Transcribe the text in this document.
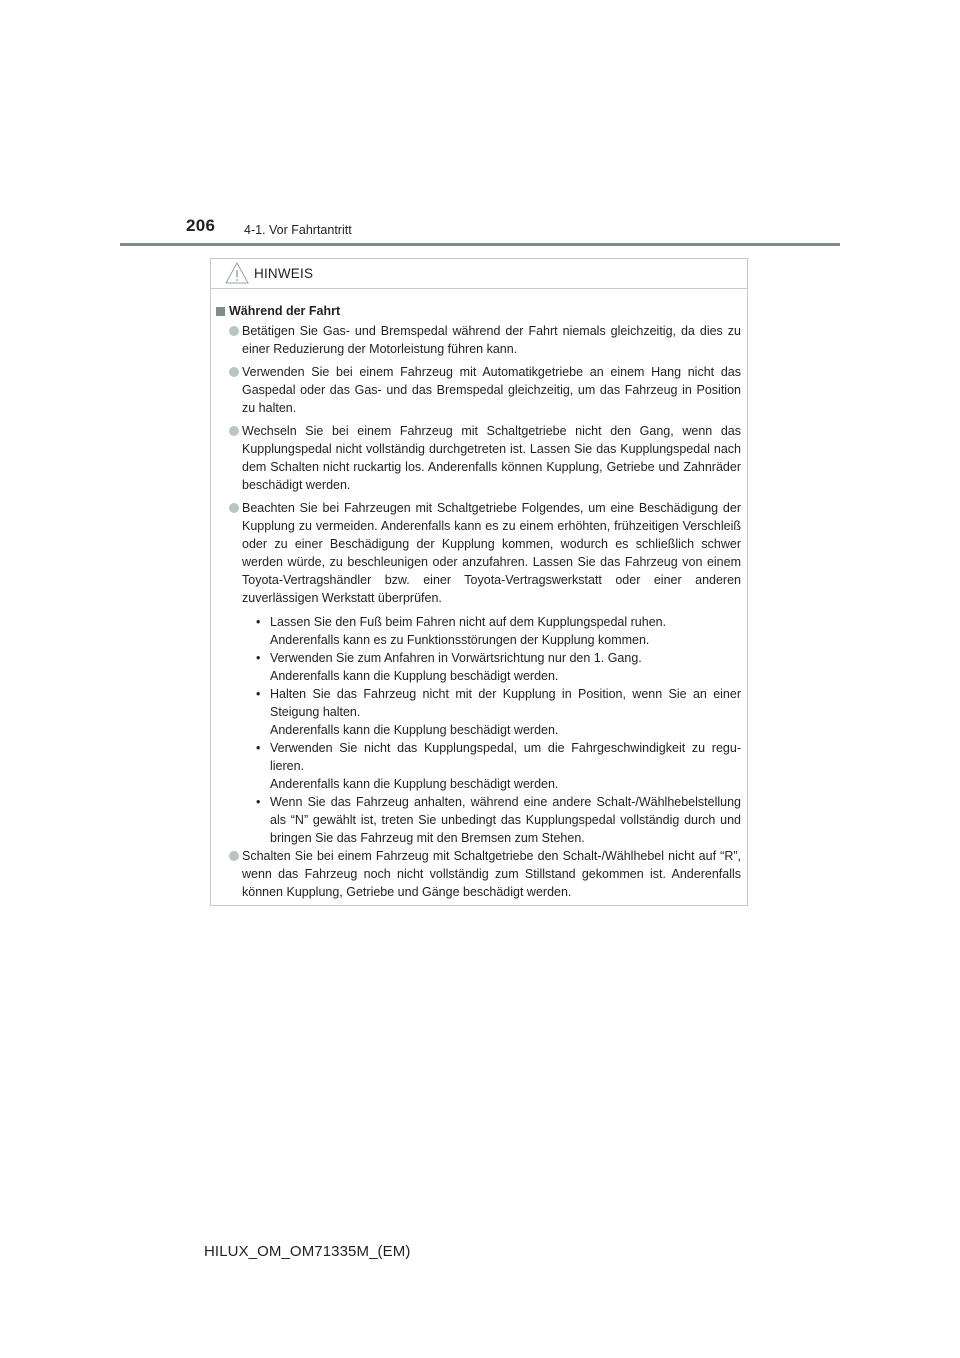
206 4-1. Vor Fahrtantritt
HINWEIS
Während der Fahrt

Betätigen Sie Gas- und Bremspedal während der Fahrt niemals gleichzeitig, da dies zu einer Reduzierung der Motorleistung führen kann.

Verwenden Sie bei einem Fahrzeug mit Automatikgetriebe an einem Hang nicht das Gaspedal oder das Gas- und das Bremspedal gleichzeitig, um das Fahrzeug in Position zu halten.

Wechseln Sie bei einem Fahrzeug mit Schaltgetriebe nicht den Gang, wenn das Kupplungspedal nicht vollständig durchgetreten ist. Lassen Sie das Kupplungspedal nach dem Schalten nicht ruckartig los. Anderenfalls können Kupplung, Getriebe und Zahnräder beschädigt werden.

Beachten Sie bei Fahrzeugen mit Schaltgetriebe Folgendes, um eine Beschädigung der Kupplung zu vermeiden. Anderenfalls kann es zu einem erhöhten, frühzeitigen Verschleiß oder zu einer Beschädigung der Kupplung kommen, wodurch es schließlich schwer werden würde, zu beschleunigen oder anzufahren. Lassen Sie das Fahrzeug von einem Toyota-Vertragshändler bzw. einer Toyota-Vertragswerkstatt oder einer anderen zuverlässigen Werkstatt überprüfen.

• Lassen Sie den Fuß beim Fahren nicht auf dem Kupplungspedal ruhen.
Anderenfalls kann es zu Funktionsstörungen der Kupplung kommen.
• Verwenden Sie zum Anfahren in Vorwärtsrichtung nur den 1. Gang.
Anderenfalls kann die Kupplung beschädigt werden.
• Halten Sie das Fahrzeug nicht mit der Kupplung in Position, wenn Sie an einer Steigung halten.
Anderenfalls kann die Kupplung beschädigt werden.
• Verwenden Sie nicht das Kupplungspedal, um die Fahrgeschwindigkeit zu regulieren.
Anderenfalls kann die Kupplung beschädigt werden.
• Wenn Sie das Fahrzeug anhalten, während eine andere Schalt-/Wählhebelstellung als “N” gewählt ist, treten Sie unbedingt das Kupplungspedal vollständig durch und bringen Sie das Fahrzeug mit den Bremsen zum Stehen.

Schalten Sie bei einem Fahrzeug mit Schaltgetriebe den Schalt-/Wählhebel nicht auf “R”, wenn das Fahrzeug noch nicht vollständig zum Stillstand gekommen ist. Anderenfalls können Kupplung, Getriebe und Gänge beschädigt werden.

HILUX_OM_OM71335M_(EM)
